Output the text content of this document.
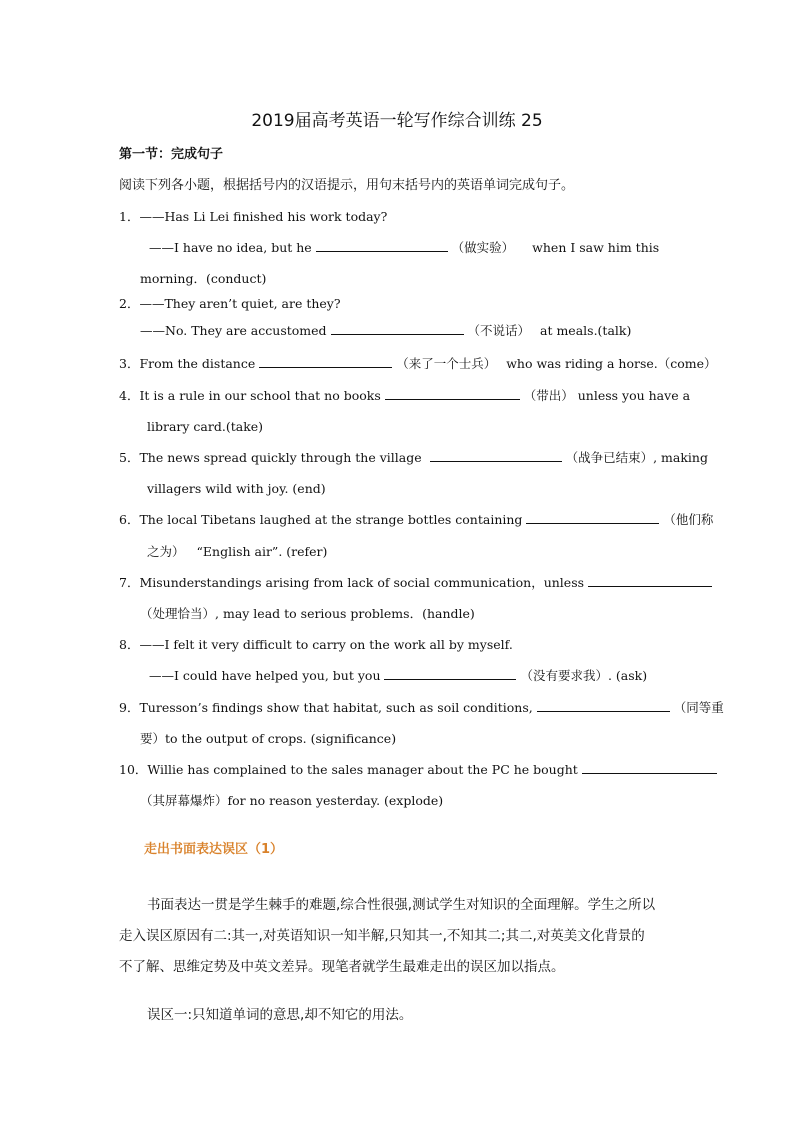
2019届高考英语一轮写作综合训练 25
第一节：完成句子
阅读下列各小题，根据括号内的汉语提示，用句末括号内的英语单词完成句子。
1．——Has Li Lei finished his work today?
——I have no idea, but he	（做实验） when I saw him this
morning．(conduct)
2．——They aren’t quiet, are they?
——No. They are accustomed	（不说话） at meals.(talk)
3．From the distance	（来了一个士兵） who was riding a horse.（come）
4．It is a rule in our school that no books	（带出） unless you have a
library card.(take)
5．The news spread quickly through the village	（战争已结束）, making
villagers wild with joy. (end)
6．The local Tibetans laughed at the strange bottles containing	（他们称
之为） “English air”. (refer)
7．Misunderstandings arising from lack of social communication，unless
（处理恰当）, may lead to serious problems．(handle)
8．——I felt it very difficult to carry on the work all by myself.
——I could have helped you, but you	（没有要求我）. (ask)
9．Turesson’s findings show that habitat, such as soil conditions,	（同等重
要）to the output of crops. (significance)
10．Willie has complained to the sales manager about the PC he bought
（其屏幕爆炸）for no reason yesterday. (explode)
走出书面表达误区（1）
书面表达一贯是学生棘手的难题,综合性很强,测试学生对知识的全面理解。学生之所以
走入误区原因有二:其一,对英语知识一知半解,只知其一,不知其二;其二,对英美文化背景的
不了解、思维定势及中英文差异。现笔者就学生最难走出的误区加以指点。
误区一:只知道单词的意思,却不知它的用法。
